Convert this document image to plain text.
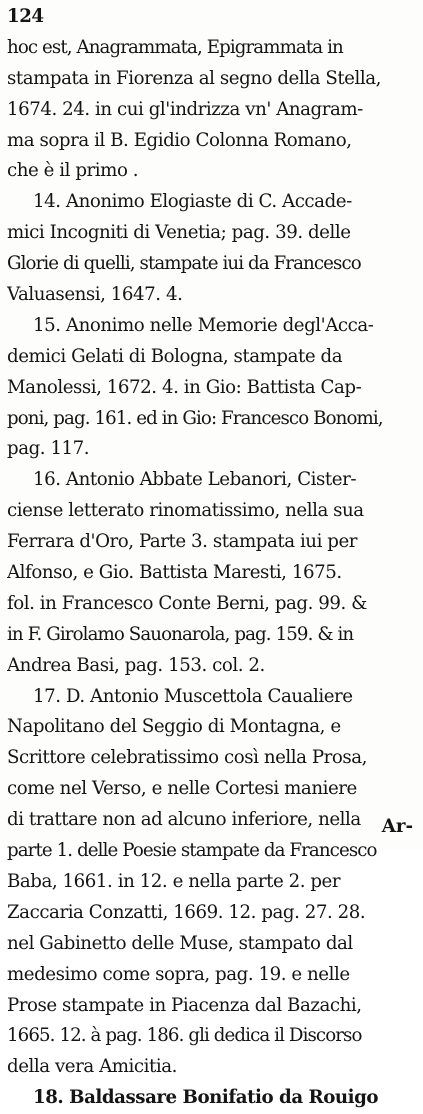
124
hoc est, Anagrammata, Epigrammata in
stampata in Fiorenza al segno della Stella,
1674. 24. in cui gl'indrizza vn' Anagram-
ma sopra il B. Egidio Colonna Romano,
che è il primo .
14. Anonimo Elogiaste di C. Accade-
mici Incogniti di Venetia; pag. 39. delle
Glorie di quelli, stampate iui da Francesco
Valuasensi, 1647. 4.
15. Anonimo nelle Memorie degl'Acca-
demici Gelati di Bologna, stampate da
Manolessi, 1672. 4. in Gio: Battista Cap-
poni, pag. 161. ed in Gio: Francesco Bonomi,
pag. 117.
16. Antonio Abbate Lebanori, Cister-
ciense letterato rinomatissimo, nella sua
Ferrara d'Oro, Parte 3. stampata iui per
Alfonso, e Gio. Battista Maresti, 1675.
fol. in Francesco Conte Berni, pag. 99. &
in F. Girolamo Sauonarola, pag. 159. & in
Andrea Basi, pag. 153. col. 2.
17. D. Antonio Muscettola Caualiere
Napolitano del Seggio di Montagna, e
Scrittore celebratissimo così nella Prosa,
come nel Verso, e nelle Cortesi maniere
di trattare non ad alcuno inferiore, nella
parte 1. delle Poesie stampate da Francesco
Baba, 1661. in 12. e nella parte 2. per
Zaccaria Conzatti, 1669. 12. pag. 27. 28.
nel Gabinetto delle Muse, stampato dal
medesimo come sopra, pag. 19. e nelle
Prose stampate in Piacenza dal Bazachi,
1665. 12. à pag. 186. gli dedica il Discorso
della vera Amicitia.
18. Baldassare Bonifatio da Rouigo
Ar-
